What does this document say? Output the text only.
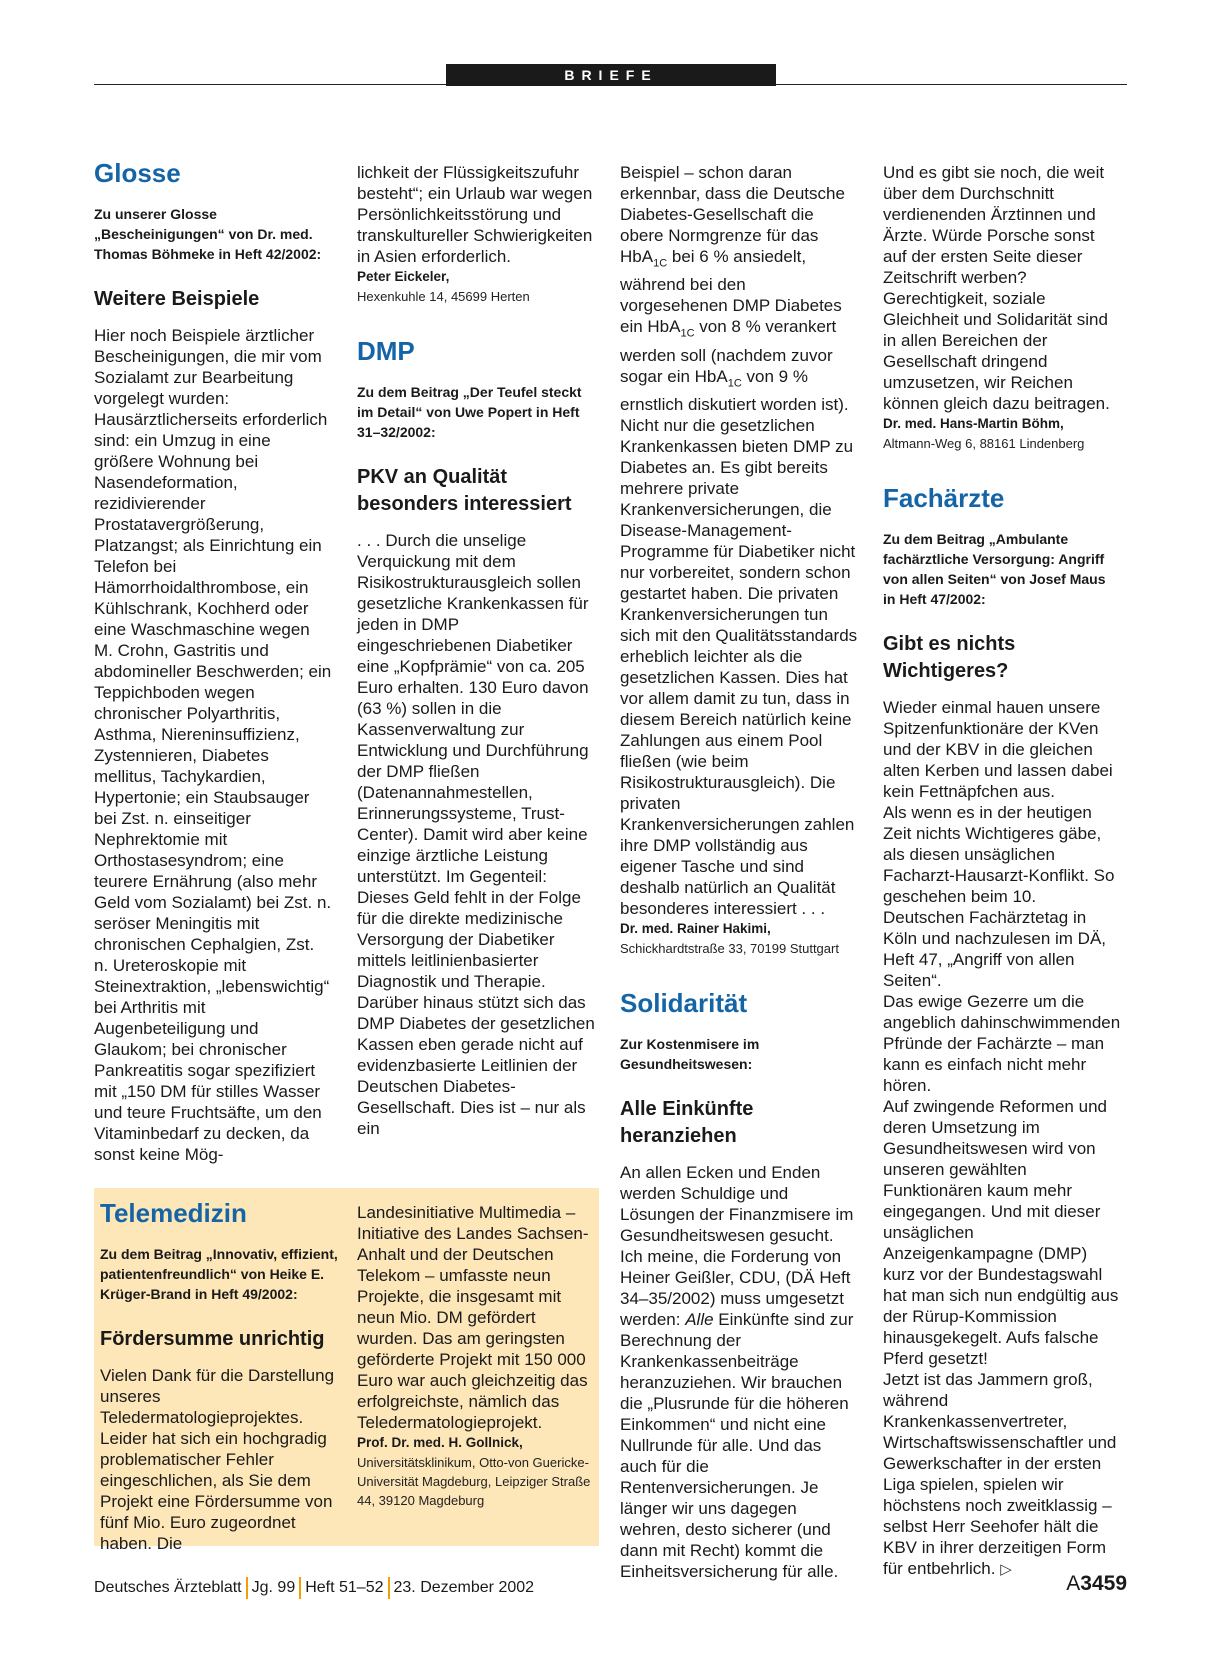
BRIEFE
Glosse
Zu unserer Glosse „Bescheinigungen“ von Dr. med. Thomas Böhmeke in Heft 42/2002:
Weitere Beispiele
Hier noch Beispiele ärztlicher Bescheinigungen, die mir vom Sozialamt zur Bearbeitung vorgelegt wurden: Hausärztlicherseits erforderlich sind: ein Umzug in eine größere Wohnung bei Nasendeformation, rezidivierender Prostatavergrößerung, Platzangst; als Einrichtung ein Telefon bei Hämorrhoidalthrombose, ein Kühlschrank, Kochherd oder eine Waschmaschine wegen M. Crohn, Gastritis und abdomineller Beschwerden; ein Teppichboden wegen chronischer Polyarthritis, Asthma, Niereninsuffizienz, Zystennieren, Diabetes mellitus, Tachykardien, Hypertonie; ein Staubsauger bei Zst. n. einseitiger Nephrektomie mit Orthostasesyndrom; eine teurere Ernährung (also mehr Geld vom Sozialamt) bei Zst. n. seröser Meningitis mit chronischen Cephalgien, Zst. n. Ureteroskopie mit Steinextraktion, „lebenswichtig“ bei Arthritis mit Augenbeteiligung und Glaukom; bei chronischer Pankreatitis sogar spezifiziert mit „150 DM für stilles Wasser und teure Fruchtsäfte, um den Vitaminbedarf zu decken, da sonst keine Mög-
lichkeit der Flüssigkeitszufuhr besteht“; ein Urlaub war wegen Persönlichkeitsstörung und transkultureller Schwierigkeiten in Asien erforderlich.
Peter Eickeler,
Hexenkuhle 14, 45699 Herten
DMP
Zu dem Beitrag „Der Teufel steckt im Detail“ von Uwe Popert in Heft 31–32/2002:
PKV an Qualität besonders interessiert

. . . Durch die unselige Verquickung mit dem Risikostrukturausgleich sollen gesetzliche Krankenkassen für jeden in DMP eingeschriebenen Diabetiker eine „Kopfprämie“ von ca. 205 Euro erhalten. 130 Euro davon (63 %) sollen in die Kassenverwaltung zur Entwicklung und Durchführung der DMP fließen (Datenannahmestellen, Erinnerungssysteme, Trust-Center). Damit wird aber keine einzige ärztliche Leistung unterstützt. Im Gegenteil: Dieses Geld fehlt in der Folge für die direkte medizinische Versorgung der Diabetiker mittels leitlinienbasierter Diagnostik und Therapie.

Darüber hinaus stützt sich das DMP Diabetes der gesetzlichen Kassen eben gerade nicht auf evidenzbasierte Leitlinien der Deutschen Diabetes-Gesellschaft. Dies ist – nur als ein

Beispiel – schon daran erkennbar, dass die Deutsche Diabetes-Gesellschaft die obere Normgrenze für das HbA$_{1C}$ bei 6 % ansiedelt, während bei den vorgesehenen DMP Diabetes ein HbA$_{1C}$ von 8 % verankert werden soll (nachdem zuvor sogar ein HbA$_{1C}$ von 9 % ernstlich diskutiert worden ist).

Nicht nur die gesetzlichen Krankenkassen bieten DMP zu Diabetes an. Es gibt bereits mehrere private Krankenversicherungen, die Disease-Management-Programme für Diabetiker nicht nur vorbereitet, sondern schon gestartet haben. Die privaten Krankenversicherungen tun sich mit den Qualitätsstandards erheblich leichter als die gesetzlichen Kassen. Dies hat vor allem damit zu tun, dass in diesem Bereich natürlich keine Zahlungen aus einem Pool fließen (wie beim Risikostrukturausgleich). Die privaten Krankenversicherungen zahlen ihre DMP vollständig aus eigener Tasche und sind deshalb natürlich an Qualität besonderes interessiert . . .

Dr. med. Rainer Hakimi,
Schickhardtstraße 33, 70199 Stuttgart
Solidarität
Zur Kostenmisere im Gesundheitswesen:
Alle Einkünfte heranziehen

An allen Ecken und Enden werden Schuldige und Lösungen der Finanzmisere im Gesundheitswesen gesucht. Ich meine, die Forderung von Heiner Geißler, CDU, (DÄ Heft 34–35/2002) muss umgesetzt werden: Alle Einkünfte sind zur Berechnung der Krankenkassenbeiträge heranzuziehen. Wir brauchen die „Plusrunde für die höheren Einkommen“ und nicht eine Nullrunde für alle. Und das auch für die Rentenversicherungen. Je länger wir uns dagegen wehren, desto sicherer (und dann mit Recht) kommt die Einheitsversicherung für alle.

Und es gibt sie noch, die weit über dem Durchschnitt verdienenden Ärztinnen und Ärzte. Würde Porsche sonst auf der ersten Seite dieser Zeitschrift werben? Gerechtigkeit, soziale Gleichheit und Solidarität sind in allen Bereichen der Gesellschaft dringend umzusetzen, wir Reichen können gleich dazu beitragen.
Dr. med. Hans-Martin Böhm,
Altmann-Weg 6, 88161 Lindenberg
Fachärzte
Zu dem Beitrag „Ambulante fachärztliche Versorgung: Angriff von allen Seiten“ von Josef Maus in Heft 47/2002:
Gibt es nichts Wichtigeres?

Wieder einmal hauen unsere Spitzenfunktionäre der KVen und der KBV in die gleichen alten Kerben und lassen dabei kein Fettnäpfchen aus.

Als wenn es in der heutigen Zeit nichts Wichtigeres gäbe, als diesen unsäglichen Facharzt-Hausarzt-Konflikt. So geschehen beim 10. Deutschen Fachärztetag in Köln und nachzulesen im DÄ, Heft 47, „Angriff von allen Seiten“.

Das ewige Gezerre um die angeblich dahinschwimmenden Pfründe der Fachärzte – man kann es einfach nicht mehr hören.

Auf zwingende Reformen und deren Umsetzung im Gesundheitswesen wird von unseren gewählten Funktionären kaum mehr eingegangen. Und mit dieser unsäglichen Anzeigenkampagne (DMP) kurz vor der Bundestagswahl hat man sich nun endgültig aus der Rürup-Kommission hinausgekegelt. Aufs falsche Pferd gesetzt!

Jetzt ist das Jammern groß, während Krankenkassenvertreter, Wirtschaftswissenschaftler und Gewerkschafter in der ersten Liga spielen, spielen wir höchstens noch zweitklassig – selbst Herr Seehofer hält die KBV in ihrer derzeitigen Form für entbehrlich. ▷

Telemedizin
Zu dem Beitrag „Innovativ, effizient, patientenfreundlich“ von Heike E. Krüger-Brand in Heft 49/2002:
Fördersumme unrichtig
Vielen Dank für die Darstellung unseres Teledermatologieprojektes. Leider hat sich ein hochgradig problematischer Fehler eingeschlichen, als Sie dem Projekt eine Fördersumme von fünf Mio. Euro zugeordnet haben. Die
Landesinitiative Multimedia – Initiative des Landes Sachsen-Anhalt und der Deutschen Telekom – umfasste neun Projekte, die insgesamt mit neun Mio. DM gefördert wurden. Das am geringsten geförderte Projekt mit 150 000 Euro war auch gleichzeitig das erfolgreichste, nämlich das Teledermatologieprojekt.
Prof. Dr. med. H. Gollnick,
Universitätsklinikum, Otto-von Guericke-Universität Magdeburg, Leipziger Straße 44, 39120 Magdeburg
Deutsches Ärzteblatt Jg. 99 Heft 51–52 23. Dezember 2002	A3459
